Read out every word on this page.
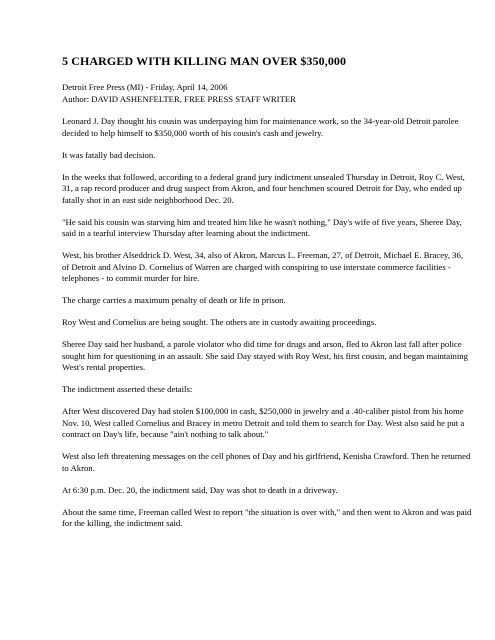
5 CHARGED WITH KILLING MAN OVER $350,000
Detroit Free Press (MI) - Friday, April 14, 2006
Author: DAVID ASHENFELTER, FREE PRESS STAFF WRITER

Leonard J. Day thought his cousin was underpaying him for maintenance work, so the 34-year-old Detroit parolee decided to help himself to $350,000 worth of his cousin's cash and jewelry.

It was fatally bad decision.

In the weeks that followed, according to a federal grand jury indictment unsealed Thursday in Detroit, Roy C. West, 31, a rap record producer and drug suspect from Akron, and four henchmen scoured Detroit for Day, who ended up fatally shot in an east side neighborhood Dec. 20.

"He said his cousin was starving him and treated him like he wasn't nothing," Day's wife of five years, Sheree Day, said in a tearful interview Thursday after learning about the indictment.

West, his brother Alseddrick D. West, 34, also of Akron, Marcus L. Freeman, 27, of Detroit, Michael E. Bracey, 36, of Detroit and Alvino D. Cornelius of Warren are charged with conspiring to use interstate commerce facilities - telephones - to commit murder for hire.

The charge carries a maximum penalty of death or life in prison.

Roy West and Cornelius are being sought. The others are in custody awaiting proceedings.

Sheree Day said her husband, a parole violator who did time for drugs and arson, fled to Akron last fall after police sought him for questioning in an assault. She said Day stayed with Roy West, his first cousin, and began maintaining West's rental properties.

The indictment asserted these details:

After West discovered Day had stolen $100,000 in cash, $250,000 in jewelry and a .40-caliber pistol from his home Nov. 10, West called Cornelius and Bracey in metro Detroit and told them to search for Day. West also said he put a contract on Day's life, because "ain't nothing to talk about."

West also left threatening messages on the cell phones of Day and his girlfriend, Kenisha Crawford. Then he returned to Akron.

At 6:30 p.m. Dec. 20, the indictment said, Day was shot to death in a driveway.

About the same time, Freeman called West to report "the situation is over with," and then went to Akron and was paid for the killing, the indictment said.
